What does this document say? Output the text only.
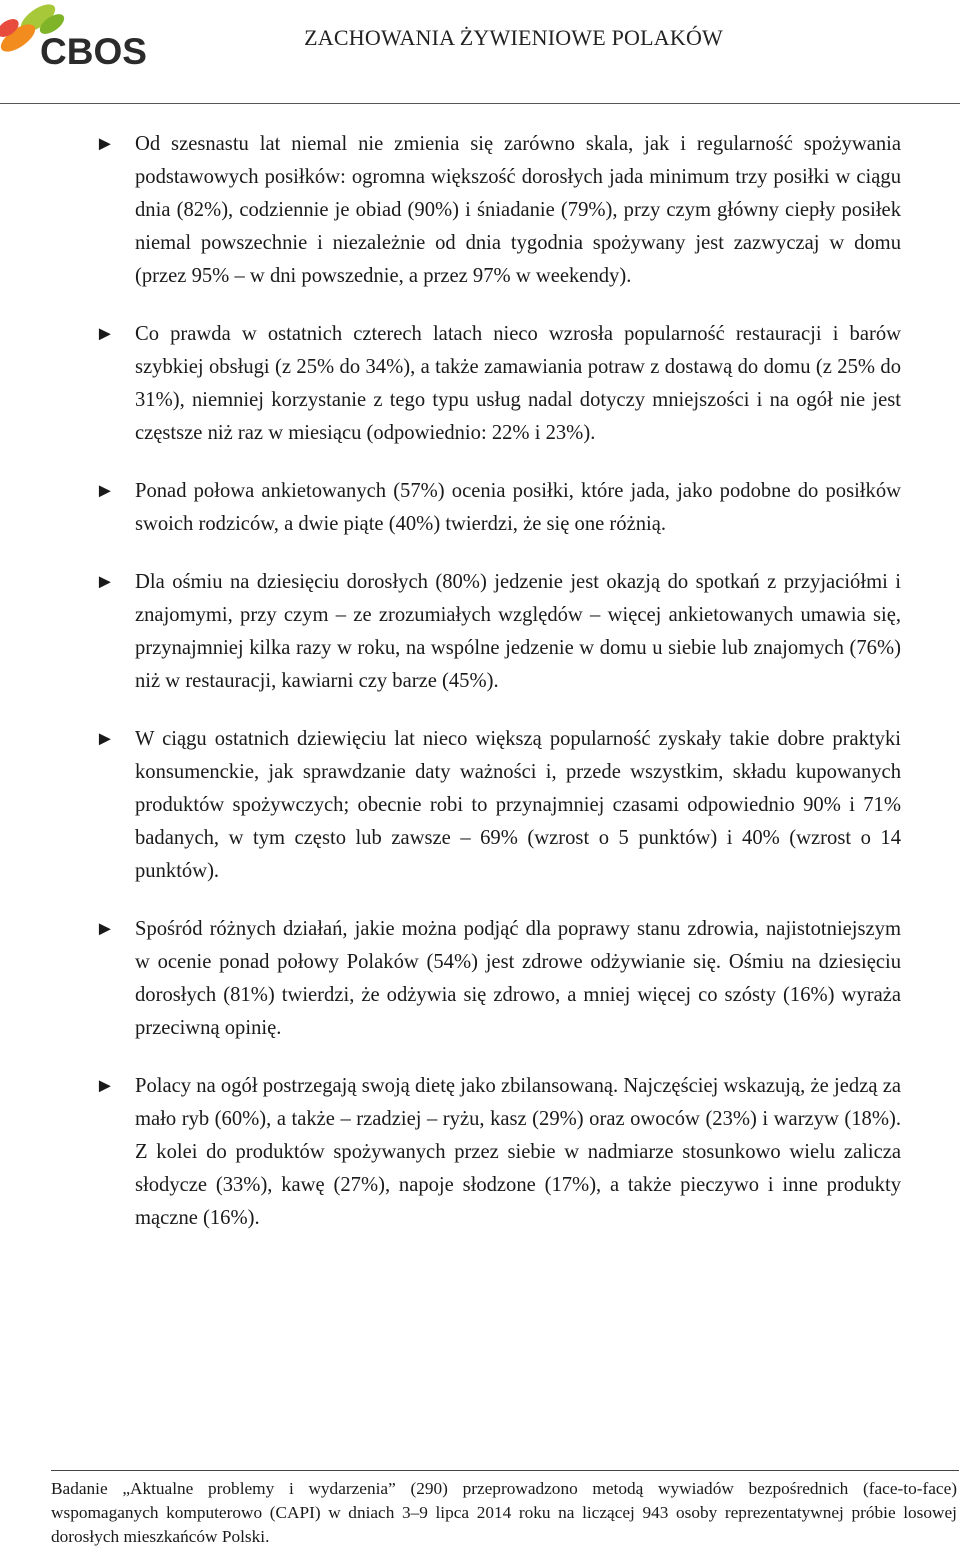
CBOS	ZACHOWANIA ŻYWIENIOWE POLAKÓW
► Od szesnastu lat niemal nie zmienia się zarówno skala, jak i regularność spożywania podstawowych posiłków: ogromna większość dorosłych jada minimum trzy posiłki w ciągu dnia (82%), codziennie je obiad (90%) i śniadanie (79%), przy czym główny ciepły posiłek niemal powszechnie i niezależnie od dnia tygodnia spożywany jest zazwyczaj w domu (przez 95% – w dni powszednie, a przez 97% w weekendy).
► Co prawda w ostatnich czterech latach nieco wzrosła popularność restauracji i barów szybkiej obsługi (z 25% do 34%), a także zamawiania potraw z dostawą do domu (z 25% do 31%), niemniej korzystanie z tego typu usług nadal dotyczy mniejszości i na ogół nie jest częstsze niż raz w miesiącu (odpowiednio: 22% i 23%).
► Ponad połowa ankietowanych (57%) ocenia posiłki, które jada, jako podobne do posiłków swoich rodziców, a dwie piąte (40%) twierdzi, że się one różnią.
► Dla ośmiu na dziesięciu dorosłych (80%) jedzenie jest okazją do spotkań z przyjaciółmi i znajomymi, przy czym – ze zrozumiałych względów – więcej ankietowanych umawia się, przynajmniej kilka razy w roku, na wspólne jedzenie w domu u siebie lub znajomych (76%) niż w restauracji, kawiarni czy barze (45%).
► W ciągu ostatnich dziewięciu lat nieco większą popularność zyskały takie dobre praktyki konsumenckie, jak sprawdzanie daty ważności i, przede wszystkim, składu kupowanych produktów spożywczych; obecnie robi to przynajmniej czasami odpowiednio 90% i 71% badanych, w tym często lub zawsze – 69% (wzrost o 5 punktów) i 40% (wzrost o 14 punktów).
► Spośród różnych działań, jakie można podjąć dla poprawy stanu zdrowia, najistotniejszym w ocenie ponad połowy Polaków (54%) jest zdrowe odżywianie się. Ośmiu na dziesięciu dorosłych (81%) twierdzi, że odżywia się zdrowo, a mniej więcej co szósty (16%) wyraża przeciwną opinię.
► Polacy na ogół postrzegają swoją dietę jako zbilansowaną. Najczęściej wskazują, że jedzą za mało ryb (60%), a także – rzadziej – ryżu, kasz (29%) oraz owoców (23%) i warzyw (18%). Z kolei do produktów spożywanych przez siebie w nadmiarze stosunkowo wielu zalicza słodycze (33%), kawę (27%), napoje słodzone (17%), a także pieczywo i inne produkty mączne (16%).
Badanie „Aktualne problemy i wydarzenia” (290) przeprowadzono metodą wywiadów bezpośrednich (face-to-face) wspomaganych komputerowo (CAPI) w dniach 3–9 lipca 2014 roku na liczącej 943 osoby reprezentatywnej próbie losowej dorosłych mieszkańców Polski.
